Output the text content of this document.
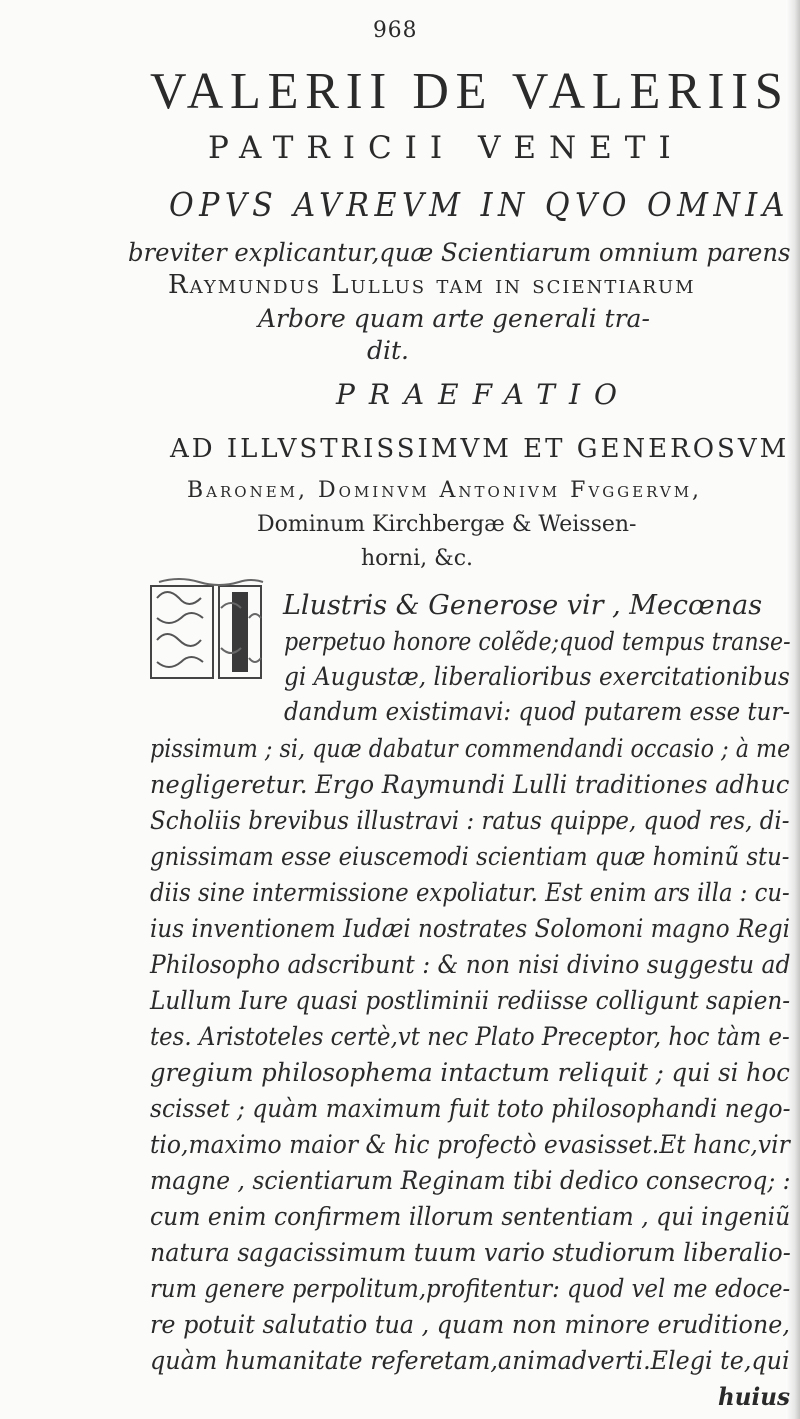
968
VALERII DE VALERIIS
PATRICII VENETI
OPVS AVREVM IN QVO OMNIA
breviter explicantur,quæ Scientiarum omnium parens
Raymundus Lullus tam in scientiarum
Arbore quam arte generali tra-
dit.
PRAEFATIO
AD ILLVSTRISSIMVM ET GENEROSVM
Baronem, Dominvm Antonivm Fvggervm,
Dominum Kirchbergæ & Weissen-
horni, &c.
Llustris & Generose vir , Mecœnas
perpetuo honore colẽde;quod tempus transe-
gi Augustæ, liberalioribus exercitationibus
dandum existimavi: quod putarem esse tur-
pissimum ; si, quæ dabatur commendandi occasio ; à me
negligeretur. Ergo Raymundi Lulli traditiones adhuc
Scholiis brevibus illustravi : ratus quippe, quod res, di-
gnissimam esse eiuscemodi scientiam quæ hominũ stu-
diis sine intermissione expoliatur. Est enim ars illa : cu-
ius inventionem Iudæi nostrates Solomoni magno Regi
Philosopho adscribunt : & non nisi divino suggestu ad
Lullum Iure quasi postliminii rediisse colligunt sapien-
tes. Aristoteles certè,vt nec Plato Preceptor, hoc tàm e-
gregium philosophema intactum reliquit ; qui si hoc
scisset ; quàm maximum fuit toto philosophandi nego-
tio,maximo maior & hic profectò evasisset.Et hanc,vir
magne , scientiarum Reginam tibi dedico consecroq; :
cum enim confirmem illorum sententiam , qui ingeniũ
natura sagacissimum tuum vario studiorum liberalio-
rum genere perpolitum,profitentur: quod vel me edoce-
re potuit salutatio tua , quam non minore eruditione,
quàm humanitate referetam,animadverti.Elegi te,qui
huius
